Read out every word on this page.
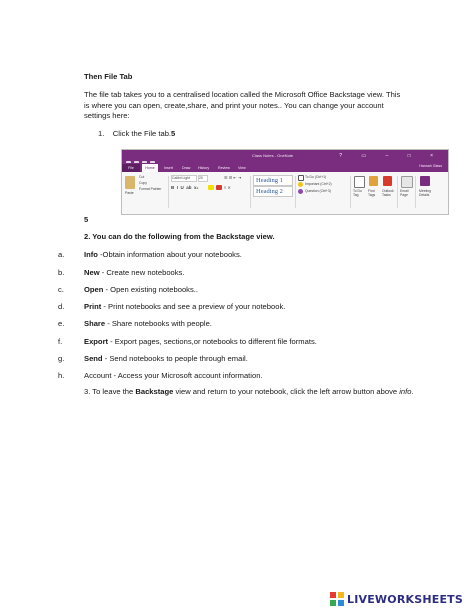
Then File Tab
The file tab takes you to a centralised location called the Microsoft Office Backstage view. This is where you can open, create,share, and print your notes.. You can change your account settings here:
1. Click the File tab.5
Class Notes - OneNote	? ▭ – □ ×
File	Home	Insert	Draw History Review View	Hannah Glass
Paste
Cut
Copy
Format Painter
Calibri Light	20
B  I  U  ab  x₂
☰ ☰ ⇤ ⇥
≡ ✕
Heading 1
Heading 2
To Do (Ctrl+1)
Important (Ctrl+2)
Question (Ctrl+3)	To Do Tag
Find Tags
Outlook Tasks
Email Page
Meeting Details
5
2. You can do the following from the Backstage view.
a.	Info -Obtain information about your notebooks.
b.	New - Create new notebooks.
c.	Open - Open existing notebooks..
d.	Print - Print notebooks and see a preview of your notebook.
e.	Share - Share notebooks with people.
f.	Export - Export pages, sections,or notebooks to different file formats.
g.	Send - Send notebooks to people through email.
h.	Account - Access your Microsoft account information.
3. To leave the Backstage view and return to your notebook, click the left arrow button above info.
LIVEWORKSHEETS
